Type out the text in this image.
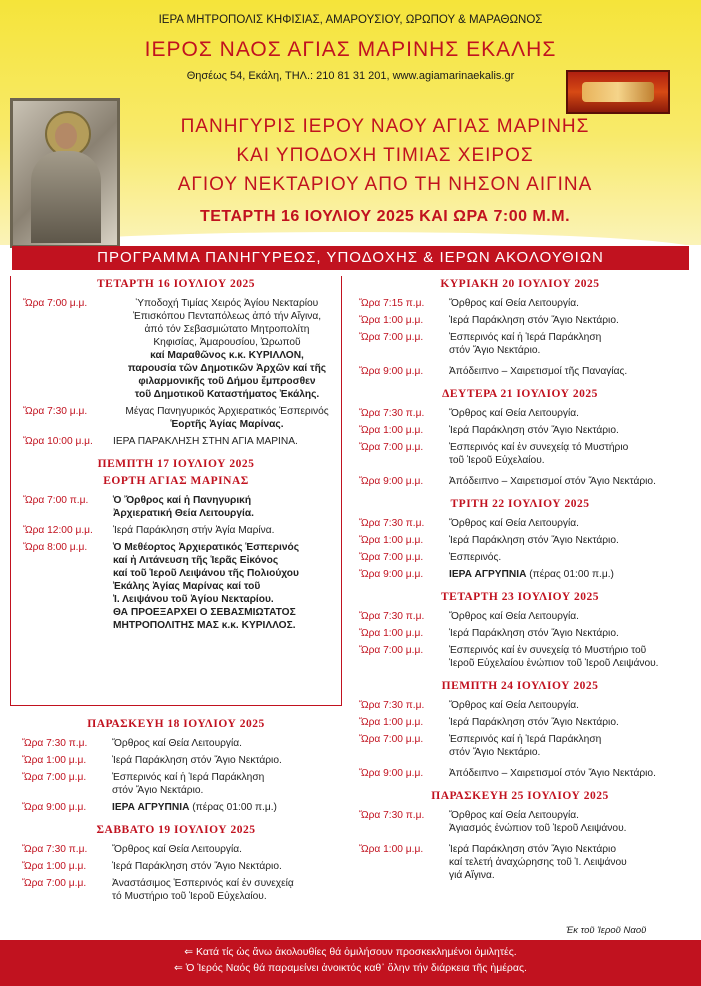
ΙΕΡΑ ΜΗΤΡΟΠΟΛΙΣ ΚΗΦΙΣΙΑΣ, ΑΜΑΡΟΥΣΙΟΥ, ΩΡΩΠΟΥ & ΜΑΡΑΘΩΝΟΣ
ΙΕΡΟΣ ΝΑΟΣ ΑΓΙΑΣ ΜΑΡΙΝΗΣ ΕΚΑΛΗΣ
Θησέως 54, Εκάλη, ΤΗΛ.: 210 81 31 201, www.agiamarinaekalis.gr
ΠΑΝΗΓΥΡΙΣ ΙΕΡΟΥ ΝΑΟΥ ΑΓΙΑΣ ΜΑΡΙΝΗΣ
ΚΑΙ ΥΠΟΔΟΧΗ ΤΙΜΙΑΣ ΧΕΙΡΟΣ
ΑΓΙΟΥ ΝΕΚΤΑΡΙΟΥ ΑΠΟ ΤΗ ΝΗΣΟΝ ΑΙΓΙΝΑ
ΤΕΤΑΡΤΗ 16 ΙΟΥΛΙΟΥ 2025 ΚΑΙ ΩΡΑ 7:00 Μ.Μ.
ΠΡΟΓΡΑΜΜΑ ΠΑΝΗΓΥΡΕΩΣ, ΥΠΟΔΟΧΗΣ & ΙΕΡΩΝ ΑΚΟΛΟΥΘΙΩΝ
ΤΕΤΑΡΤΗ 16 ΙΟΥΛΙΟΥ 2025
Ὥρα 7:00 μ.μ.	Ὑποδοχή Τιμίας Χειρός Ἁγίου Νεκταρίου
Ἐπισκόπου Πενταπόλεως ἀπό τήν Αἴγινα,
ἀπό τόν Σεβασμιώτατο Μητροπολίτη
Κηφισίας, Ἀμαρουσίου, Ὠρωποῦ
καί Μαραθῶνος κ.κ. ΚΥΡΙΛΛΟΝ,
παρουσία τῶν Δημοτικῶν Ἀρχῶν καί τῆς
φιλαρμονικῆς τοῦ Δήμου ἔμπροσθεν
τοῦ Δημοτικοῦ Καταστήματος Ἐκάλης.
Ὥρα 7:30 μ.μ.	Μέγας Πανηγυρικός Ἀρχιερατικός Ἑσπερινός
Ἑορτῆς Ἁγίας Μαρίνας.
Ὥρα 10:00 μ.μ.	ΙΕΡΑ ΠΑΡΑΚΛΗΣΗ ΣΤΗΝ ΑΓΙΑ ΜΑΡΙΝΑ.
ΠΕΜΠΤΗ 17 ΙΟΥΛΙΟΥ 2025
ΕΟΡΤΗ ΑΓΙΑΣ ΜΑΡΙΝΑΣ
Ὥρα 7:00 π.μ.	Ὁ Ὄρθρος καί ἡ Πανηγυρική
Ἀρχιερατική Θεία Λειτουργία.
Ὥρα 12:00 μ.μ.	Ἱερά Παράκληση στήν Ἁγία Μαρίνα.
Ὥρα 8:00 μ.μ.	Ὁ Μεθέορτος Ἀρχιερατικός Ἑσπερινός
καί ἡ Λιτάνευση τῆς Ἱερᾶς Εἰκόνος
καί τοῦ Ἱεροῦ Λειψάνου τῆς Πολιούχου
Ἐκάλης Ἁγίας Μαρίνας καί τοῦ
Ἱ. Λειψάνου τοῦ Ἁγίου Νεκταρίου.
ΘΑ ΠΡΟΕΞΑΡΧΕΙ Ο ΣΕΒΑΣΜΙΩΤΑΤΟΣ
ΜΗΤΡΟΠΟΛΙΤΗΣ ΜΑΣ κ.κ. ΚΥΡΙΛΛΟΣ.
ΠΑΡΑΣΚΕΥΗ 18 ΙΟΥΛΙΟΥ 2025
Ὥρα 7:30 π.μ.	Ὄρθρος καί Θεία Λειτουργία.
Ὥρα 1:00 μ.μ.	Ἱερά Παράκληση στόν Ἅγιο Νεκτάριο.
Ὥρα 7:00 μ.μ.	Ἑσπερινός καί ἡ Ἱερά Παράκληση
στόν Ἅγιο Νεκτάριο.
Ὥρα 9:00 μ.μ.	ΙΕΡΑ ΑΓΡΥΠΝΙΑ (πέρας 01:00 π.μ.)
ΣΑΒΒΑΤΟ 19 ΙΟΥΛΙΟΥ 2025
Ὥρα 7:30 π.μ.	Ὄρθρος καί Θεία Λειτουργία.
Ὥρα 1:00 μ.μ.	Ἱερά Παράκληση στόν Ἅγιο Νεκτάριο.
Ὥρα 7:00 μ.μ.	Ἀναστάσιμος Ἑσπερινός καί ἐν συνεχείᾳ
τό Μυστήριο τοῦ Ἱεροῦ Εὐχελαίου.
ΚΥΡΙΑΚΗ 20 ΙΟΥΛΙΟΥ 2025
Ὥρα 7:15 π.μ.	Ὄρθρος καί Θεία Λειτουργία.
Ὥρα 1:00 μ.μ.	Ἱερά Παράκληση στόν Ἅγιο Νεκτάριο.
Ὥρα 7:00 μ.μ.	Ἑσπερινός καί ἡ Ἱερά Παράκληση
στόν Ἅγιο Νεκτάριο.
Ὥρα 9:00 μ.μ.	Ἀπόδειπνο – Χαιρετισμοί τῆς Παναγίας.
ΔΕΥΤΕΡΑ 21 ΙΟΥΛΙΟΥ 2025
Ὥρα 7:30 π.μ.	Ὄρθρος καί Θεία Λειτουργία.
Ὥρα 1:00 μ.μ.	Ἱερά Παράκληση στόν Ἅγιο Νεκτάριο.
Ὥρα 7:00 μ.μ.	Ἑσπερινός καί ἐν συνεχείᾳ τό Μυστήριο
τοῦ Ἱεροῦ Εὐχελαίου.
Ὥρα 9:00 μ.μ.	Ἀπόδειπνο – Χαιρετισμοί στόν Ἅγιο Νεκτάριο.
ΤΡΙΤΗ 22 ΙΟΥΛΙΟΥ 2025
Ὥρα 7:30 π.μ.	Ὄρθρος καί Θεία Λειτουργία.
Ὥρα 1:00 μ.μ.	Ἱερά Παράκληση στόν Ἅγιο Νεκτάριο.
Ὥρα 7:00 μ.μ.	Ἑσπερινός.
Ὥρα 9:00 μ.μ.	ΙΕΡΑ ΑΓΡΥΠΝΙΑ (πέρας 01:00 π.μ.)
ΤΕΤΑΡΤΗ 23 ΙΟΥΛΙΟΥ 2025
Ὥρα 7:30 π.μ.	Ὄρθρος καί Θεία Λειτουργία.
Ὥρα 1:00 μ.μ.	Ἱερά Παράκληση στόν Ἅγιο Νεκτάριο.
Ὥρα 7:00 μ.μ.	Ἑσπερινός καί ἐν συνεχείᾳ τό Μυστήριο τοῦ
Ἱεροῦ Εὐχελαίου ἐνώπιον τοῦ Ἱεροῦ Λειψάνου.
ΠΕΜΠΤΗ 24 ΙΟΥΛΙΟΥ 2025
Ὥρα 7:30 π.μ.	Ὄρθρος καί Θεία Λειτουργία.
Ὥρα 1:00 μ.μ.	Ἱερά Παράκληση στόν Ἅγιο Νεκτάριο.
Ὥρα 7:00 μ.μ.	Ἑσπερινός καί ἡ Ἱερά Παράκληση
στόν Ἅγιο Νεκτάριο.
Ὥρα 9:00 μ.μ.	Ἀπόδειπνο – Χαιρετισμοί στόν Ἅγιο Νεκτάριο.
ΠΑΡΑΣΚΕΥΗ 25 ΙΟΥΛΙΟΥ 2025
Ὥρα 7:30 π.μ.	Ὄρθρος καί Θεία Λειτουργία.
Ἁγιασμός ἐνώπιον τοῦ Ἱεροῦ Λειψάνου.
Ὥρα 1:00 μ.μ.	Ἱερά Παράκληση στόν Ἅγιο Νεκτάριο
καί τελετή ἀναχώρησης τοῦ Ἱ. Λειψάνου
γιά Αἴγινα.
Ἐκ τοῦ Ἱεροῦ Ναοῦ
⇐ Κατά τίς ὡς ἄνω ἀκολουθίες θά ὁμιλήσουν προσκεκλημένοι ὁμιλητές.
⇐ Ὁ Ἱερός Ναός θά παραμείνει ἀνοικτός καθ᾽ ὅλην τήν διάρκεια τῆς ἡμέρας.
